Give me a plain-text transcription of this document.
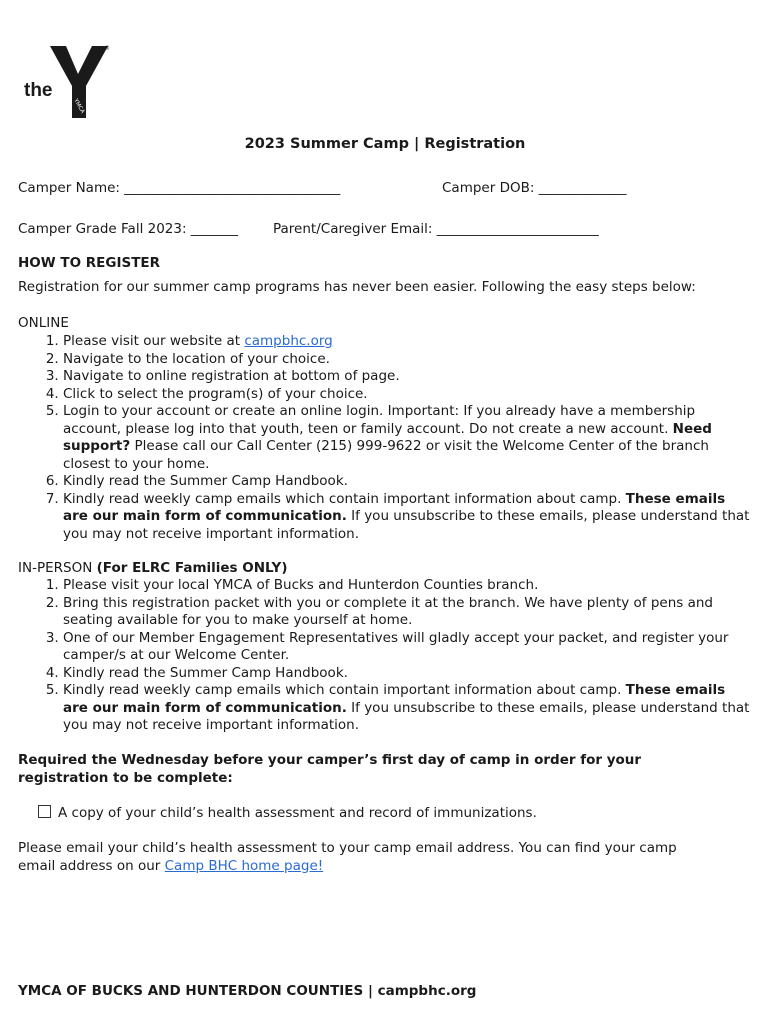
the
®
YMCA
2023 Summer Camp | Registration
Camper Name: ________________________________	Camper DOB: _____________
Camper Grade Fall 2023: _______	Parent/Caregiver Email: ________________________
HOW TO REGISTER
Registration for our summer camp programs has never been easier. Following the easy steps below:
ONLINE
1. Please visit our website at campbhc.org
2. Navigate to the location of your choice.
3. Navigate to online registration at bottom of page.
4. Click to select the program(s) of your choice.
5. Login to your account or create an online login. Important: If you already have a membership account, please log into that youth, teen or family account. Do not create a new account. Need support? Please call our Call Center (215) 999-9622 or visit the Welcome Center of the branch closest to your home.
6. Kindly read the Summer Camp Handbook.
7. Kindly read weekly camp emails which contain important information about camp. These emails are our main form of communication. If you unsubscribe to these emails, please understand that you may not receive important information.
IN-PERSON (For ELRC Families ONLY)
1. Please visit your local YMCA of Bucks and Hunterdon Counties branch.
2. Bring this registration packet with you or complete it at the branch. We have plenty of pens and seating available for you to make yourself at home.
3. One of our Member Engagement Representatives will gladly accept your packet, and register your camper/s at our Welcome Center.
4. Kindly read the Summer Camp Handbook.
5. Kindly read weekly camp emails which contain important information about camp. These emails are our main form of communication. If you unsubscribe to these emails, please understand that you may not receive important information.
Required the Wednesday before your camper’s first day of camp in order for your registration to be complete:
A copy of your child’s health assessment and record of immunizations.
Please email your child’s health assessment to your camp email address. You can find your camp email address on our Camp BHC home page!
YMCA OF BUCKS AND HUNTERDON COUNTIES | campbhc.org
